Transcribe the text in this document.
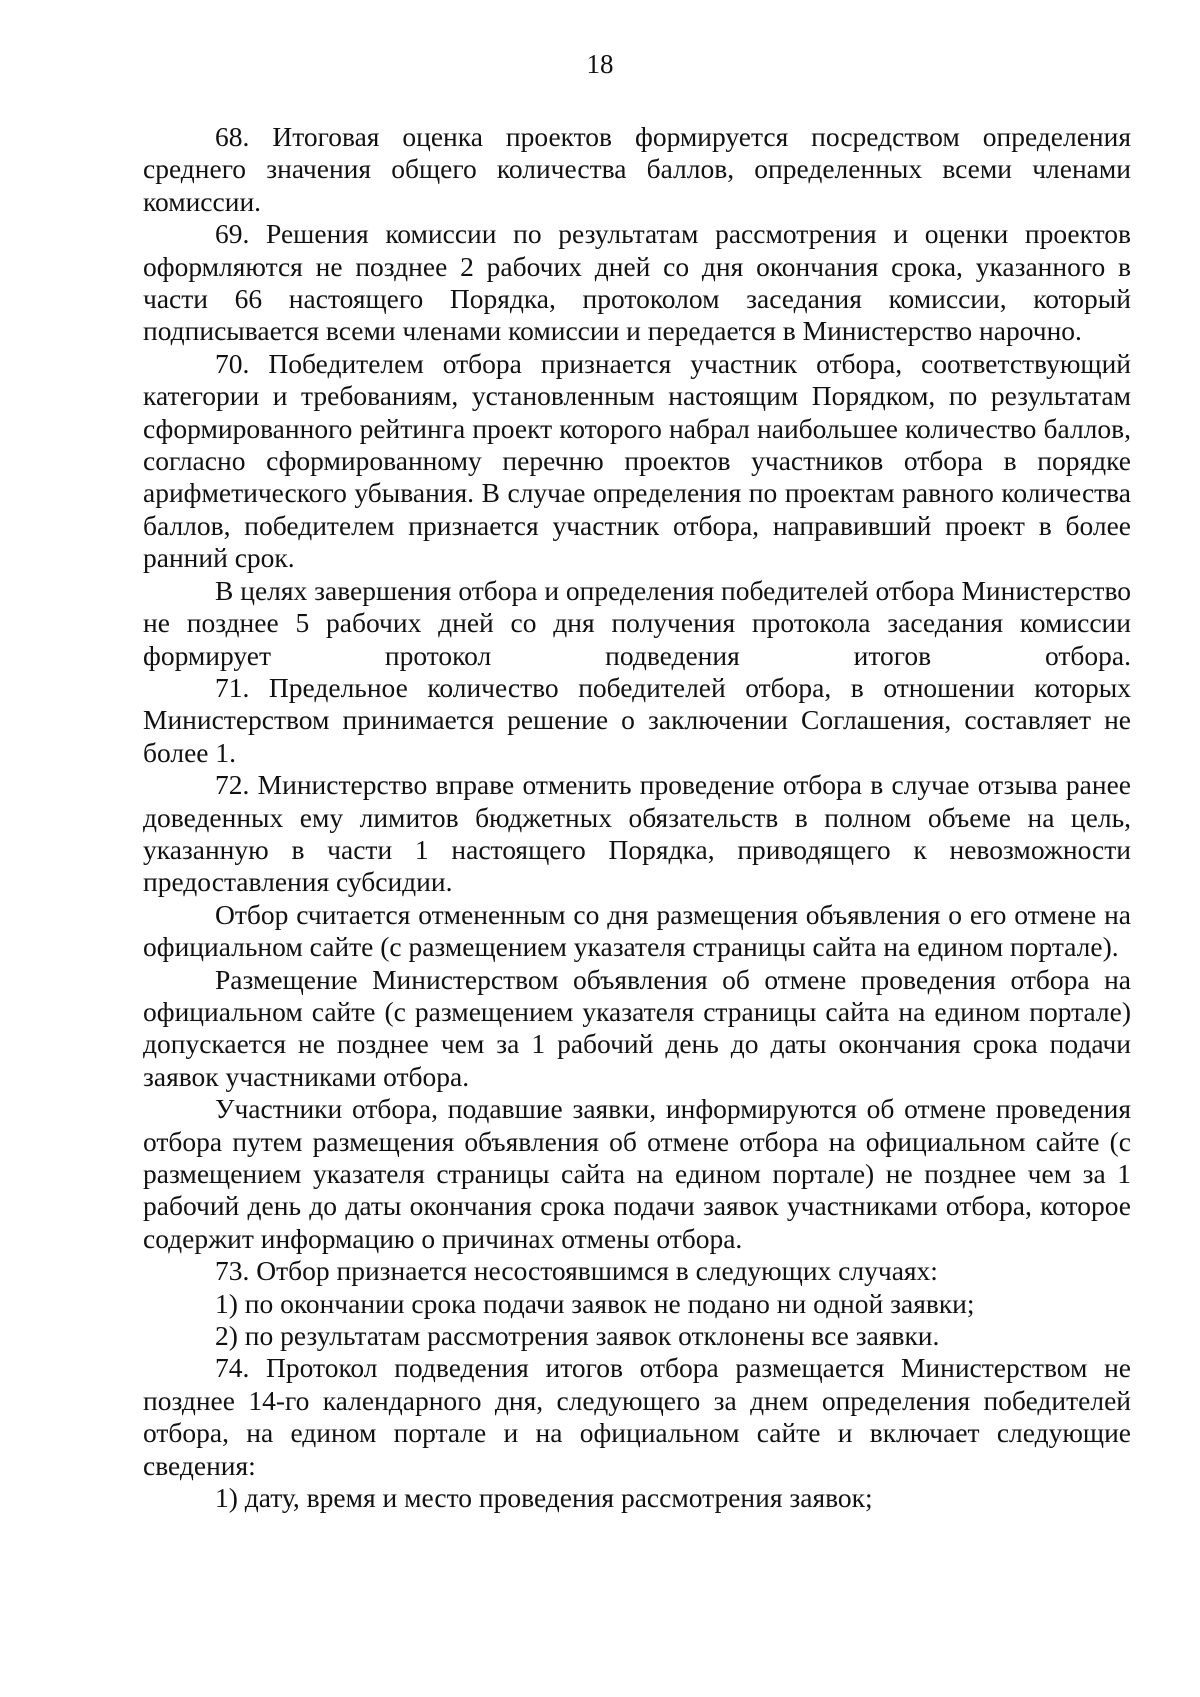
18

68. Итоговая оценка проектов формируется посредством определения среднего значения общего количества баллов, определенных всеми членами комиссии.

69. Решения комиссии по результатам рассмотрения и оценки проектов оформляются не позднее 2 рабочих дней со дня окончания срока, указанного в части 66 настоящего Порядка, протоколом заседания комиссии, который подписывается всеми членами комиссии и передается в Министерство нарочно.

70. Победителем отбора признается участник отбора, соответствующий категории и требованиям, установленным настоящим Порядком, по результатам сформированного рейтинга проект которого набрал наибольшее количество баллов, согласно сформированному перечню проектов участников отбора в порядке арифметического убывания. В случае определения по проектам равного количества баллов, победителем признается участник отбора, направивший проект в более ранний срок.

В целях завершения отбора и определения победителей отбора Министерство не позднее 5 рабочих дней со дня получения протокола заседания комиссии формирует протокол подведения итогов отбора.

71. Предельное количество победителей отбора, в отношении которых Министерством принимается решение о заключении Соглашения, составляет не более 1.

72. Министерство вправе отменить проведение отбора в случае отзыва ранее доведенных ему лимитов бюджетных обязательств в полном объеме на цель, указанную в части 1 настоящего Порядка, приводящего к невозможности предоставления субсидии.

Отбор считается отмененным со дня размещения объявления о его отмене на официальном сайте (с размещением указателя страницы сайта на едином портале).

Размещение Министерством объявления об отмене проведения отбора на официальном сайте (с размещением указателя страницы сайта на едином портале) допускается не позднее чем за 1 рабочий день до даты окончания срока подачи заявок участниками отбора.

Участники отбора, подавшие заявки, информируются об отмене проведения отбора путем размещения объявления об отмене отбора на официальном сайте (с размещением указателя страницы сайта на едином портале) не позднее чем за 1 рабочий день до даты окончания срока подачи заявок участниками отбора, которое содержит информацию о причинах отмены отбора.

73. Отбор признается несостоявшимся в следующих случаях:

1) по окончании срока подачи заявок не подано ни одной заявки;

2) по результатам рассмотрения заявок отклонены все заявки.

74. Протокол подведения итогов отбора размещается Министерством не позднее 14-го календарного дня, следующего за днем определения победителей отбора, на едином портале и на официальном сайте и включает следующие сведения:

1) дату, время и место проведения рассмотрения заявок;
